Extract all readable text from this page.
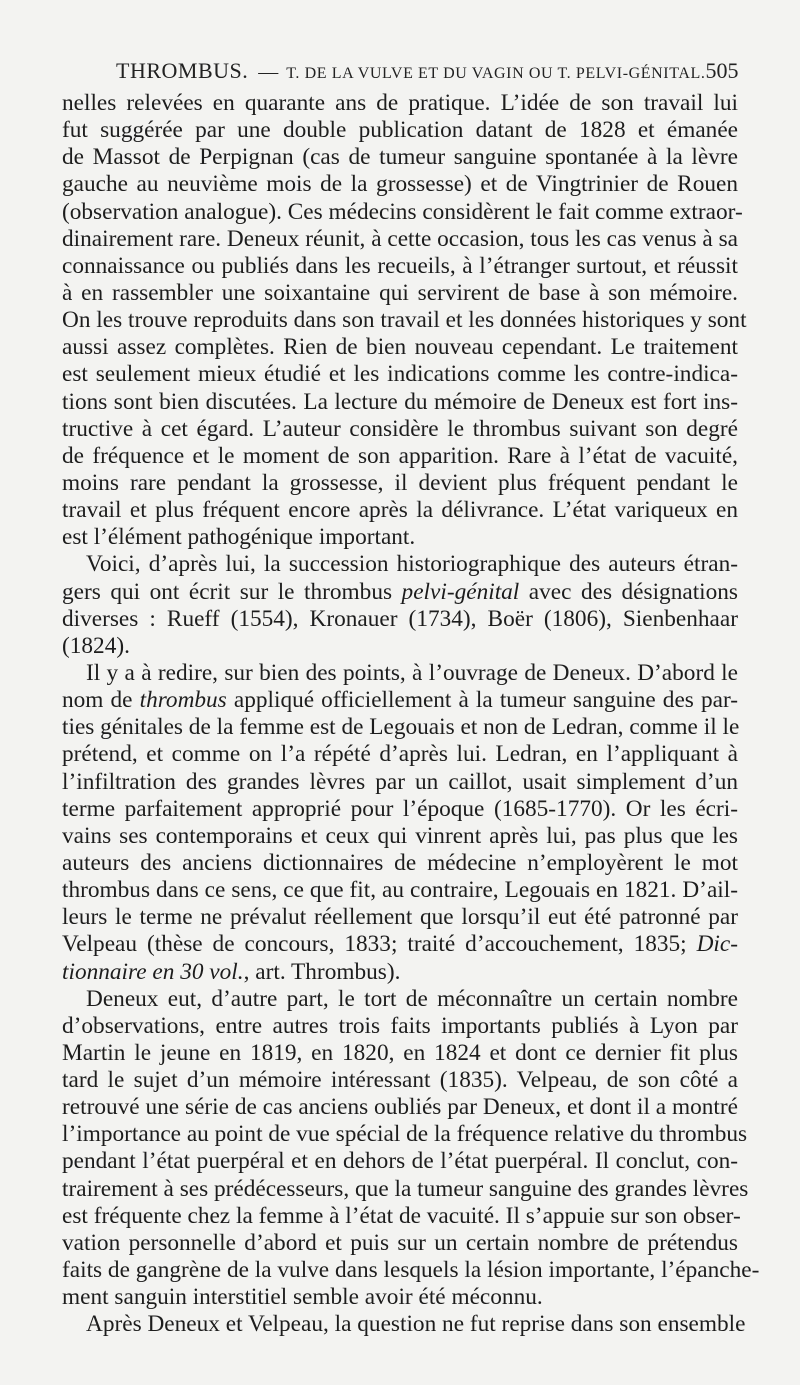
THROMBUS. — T. DE LA VULVE ET DU VAGIN OU T. PELVI-GÉNITAL. 505
nelles relevées en quarante ans de pratique. L’idée de son travail lui
fut suggérée par une double publication datant de 1828 et émanée
de Massot de Perpignan (cas de tumeur sanguine spontanée à la lèvre
gauche au neuvième mois de la grossesse) et de Vingtrinier de Rouen
(observation analogue). Ces médecins considèrent le fait comme extraor-
dinairement rare. Deneux réunit, à cette occasion, tous les cas venus à sa
connaissance ou publiés dans les recueils, à l’étranger surtout, et réussit
à en rassembler une soixantaine qui servirent de base à son mémoire.
On les trouve reproduits dans son travail et les données historiques y sont
aussi assez complètes. Rien de bien nouveau cependant. Le traitement
est seulement mieux étudié et les indications comme les contre-indica-
tions sont bien discutées. La lecture du mémoire de Deneux est fort ins-
tructive à cet égard. L’auteur considère le thrombus suivant son degré
de fréquence et le moment de son apparition. Rare à l’état de vacuité,
moins rare pendant la grossesse, il devient plus fréquent pendant le
travail et plus fréquent encore après la délivrance. L’état variqueux en
est l’élément pathogénique important.
Voici, d’après lui, la succession historiographique des auteurs étran-
gers qui ont écrit sur le thrombus pelvi-génital avec des désignations
diverses : Rueff (1554), Kronauer (1734), Boër (1806), Sienbenhaar
(1824).
Il y a à redire, sur bien des points, à l’ouvrage de Deneux. D’abord le
nom de thrombus appliqué officiellement à la tumeur sanguine des par-
ties génitales de la femme est de Legouais et non de Ledran, comme il le
prétend, et comme on l’a répété d’après lui. Ledran, en l’appliquant à
l’infiltration des grandes lèvres par un caillot, usait simplement d’un
terme parfaitement approprié pour l’époque (1685-1770). Or les écri-
vains ses contemporains et ceux qui vinrent après lui, pas plus que les
auteurs des anciens dictionnaires de médecine n’employèrent le mot
thrombus dans ce sens, ce que fit, au contraire, Legouais en 1821. D’ail-
leurs le terme ne prévalut réellement que lorsqu’il eut été patronné par
Velpeau (thèse de concours, 1833; traité d’accouchement, 1835; Dic-
tionnaire en 30 vol., art. Thrombus).
Deneux eut, d’autre part, le tort de méconnaître un certain nombre
d’observations, entre autres trois faits importants publiés à Lyon par
Martin le jeune en 1819, en 1820, en 1824 et dont ce dernier fit plus
tard le sujet d’un mémoire intéressant (1835). Velpeau, de son côté a
retrouvé une série de cas anciens oubliés par Deneux, et dont il a montré
l’importance au point de vue spécial de la fréquence relative du thrombus
pendant l’état puerpéral et en dehors de l’état puerpéral. Il conclut, con-
trairement à ses prédécesseurs, que la tumeur sanguine des grandes lèvres
est fréquente chez la femme à l’état de vacuité. Il s’appuie sur son obser-
vation personnelle d’abord et puis sur un certain nombre de prétendus
faits de gangrène de la vulve dans lesquels la lésion importante, l’épanche-
ment sanguin interstitiel semble avoir été méconnu.
Après Deneux et Velpeau, la question ne fut reprise dans son ensemble
